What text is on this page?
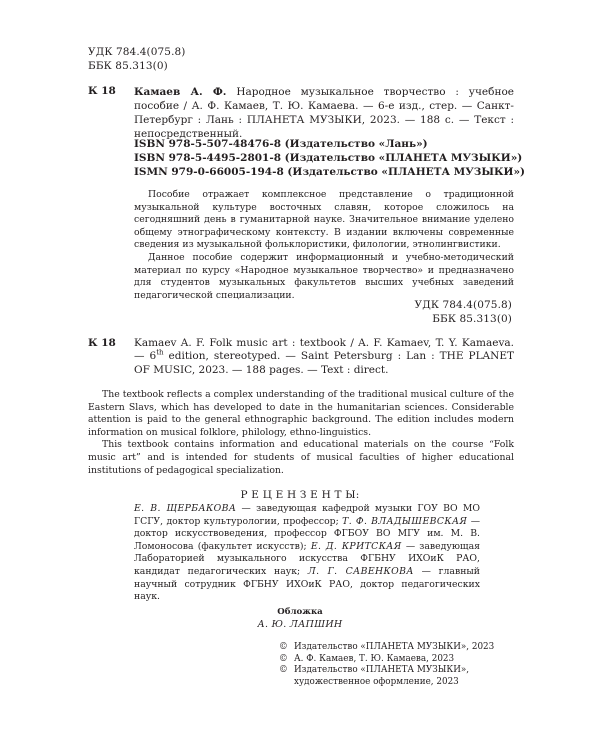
УДК 784.4(075.8)
ББК 85.313(0)
К 18 Камаев А. Ф. Народное музыкальное творчество : учебное пособие / А. Ф. Камаев, Т. Ю. Камаева. — 6-е изд., стер. — Санкт-Петербург : Лань : ПЛАНЕТА МУЗЫКИ, 2023. — 188 с. — Текст : непосредственный.
ISBN 978-5-507-48476-8 (Издательство «Лань»)
ISBN 978-5-4495-2801-8 (Издательство «ПЛАНЕТА МУЗЫКИ»)
ISMN 979-0-66005-194-8 (Издательство «ПЛАНЕТА МУЗЫКИ»)

Пособие отражает комплексное представление о традиционной музыкальной культуре восточных славян, которое сложилось на сегодняшний день в гуманитарной науке. Значительное внимание уделено общему этнографическому контексту. В издании включены современные сведения из музыкальной фольклористики, филологии, этнолингвистики.

Данное пособие содержит информационный и учебно-методический материал по курсу «Народное музыкальное творчество» и предназначено для студентов музыкальных факультетов высших учебных заведений педагогической специализации.

УДК 784.4(075.8)
ББК 85.313(0)
К 18 Kamaev A. F. Folk music art : textbook / A. F. Kamaev, T. Y. Kamaeva. — 6th edition, stereotyped. — Saint Petersburg : Lan : THE PLANET OF MUSIC, 2023. — 188 pages. — Text : direct.

The textbook reflects a complex understanding of the traditional musical culture of the Eastern Slavs, which has developed to date in the humanitarian sciences. Considerable attention is paid to the general ethnographic background. The edition includes modern information on musical folklore, philology, ethno-linguistics.

This textbook contains information and educational materials on the course “Folk music art” and is intended for students of musical faculties of higher educational institutions of pedagogical specialization.

Р Е Ц Е Н З Е Н Т Ы:
Е. В. ЩЕРБАКОВА — заведующая кафедрой музыки ГОУ ВО МО ГСГУ, доктор культурологии, профессор; Т. Ф. ВЛАДЫШЕВСКАЯ — доктор искусствоведения, профессор ФГБОУ ВО МГУ им. М. В. Ломоносова (факультет искусств); Е. Д. КРИТСКАЯ — заведующая Лабораторией музыкального искусства ФГБНУ ИХОиК РАО, кандидат педагогических наук; Л. Г. САВЕНКОВА — главный научный сотрудник ФГБНУ ИХОиК РАО, доктор педагогических наук.
Обложка
А. Ю. ЛАПШИН
© Издательство «ПЛАНЕТА МУЗЫКИ», 2023
© А. Ф. Камаев, Т. Ю. Камаева, 2023
© Издательство «ПЛАНЕТА МУЗЫКИ», художественное оформление, 2023
